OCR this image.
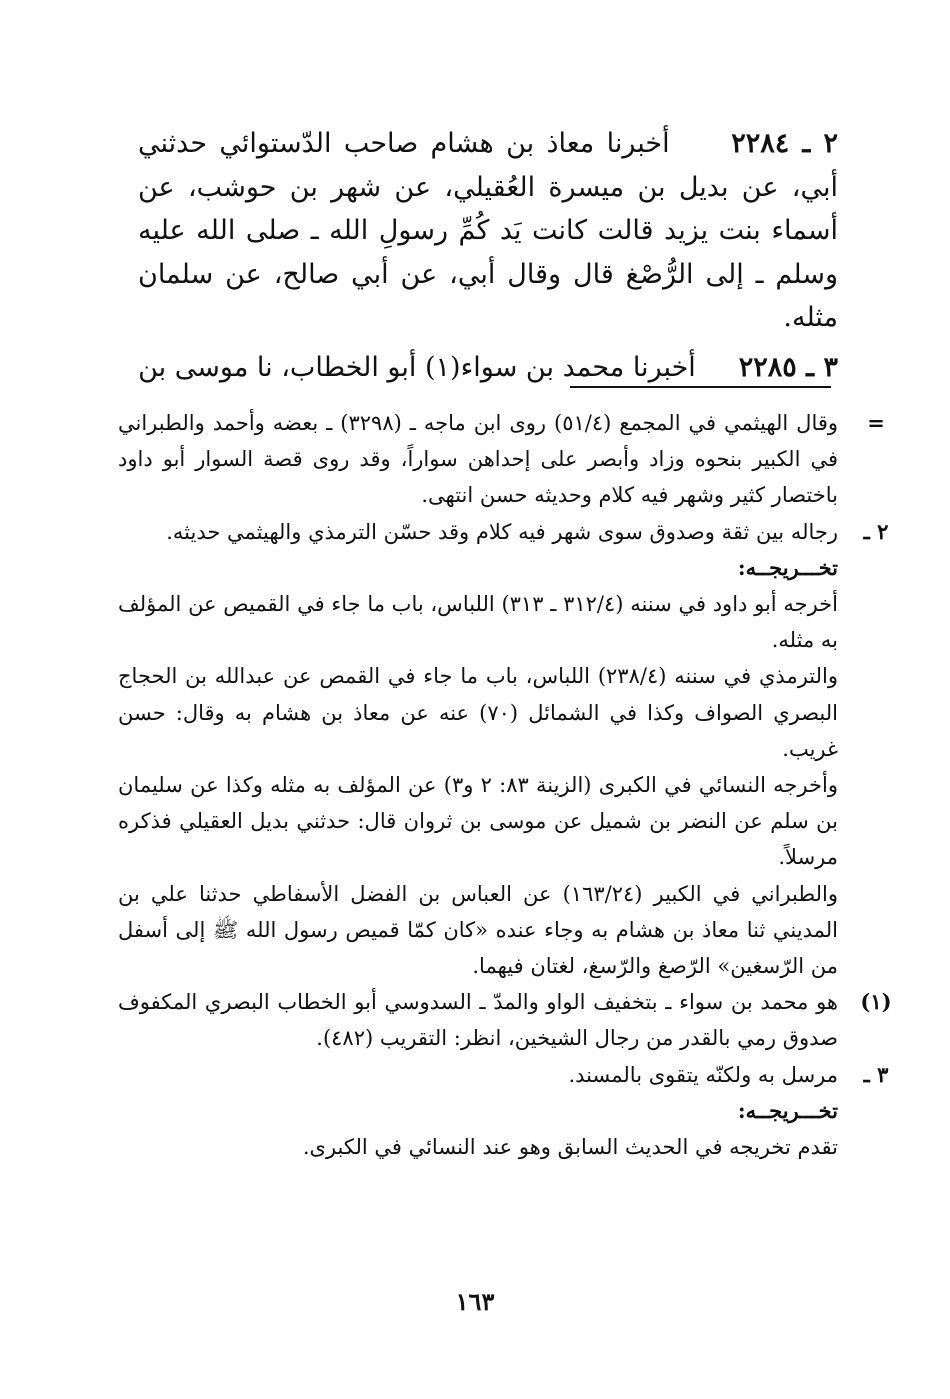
٢ ـ ٢٢٨٤     أخبرنا معاذ بن هشام صاحب الدّستوائي حدثني أبي، عن بديل بن ميسرة العُقيلي، عن شهر بن حوشب، عن أسماء بنت يزيد قالت كانت يَد كُمِّ رسولِ الله ـ صلى الله عليه وسلم ـ إلى الرُّصْغ قال وقال أبي، عن أبي صالح، عن سلمان مثله.

٣ ـ ٢٢٨٥     أخبرنا محمد بن سواء(١) أبو الخطاب، نا موسى بن

=

وقال الهيثمي في المجمع (٥١/٤) روى ابن ماجه ـ (٣٢٩٨) ـ بعضه وأحمد والطبراني في الكبير بنحوه وزاد وأبصر على إحداهن سواراً، وقد روى قصة السوار أبو داود باختصار كثير وشهر فيه كلام وحديثه حسن انتهى.

٢ ـ

رجاله بين ثقة وصدوق سوى شهر فيه كلام وقد حسّن الترمذي والهيثمي حديثه.

تخـــريجــه:

أخرجه أبو داود في سننه (٣١٢/٤ ـ ٣١٣) اللباس، باب ما جاء في القميص عن المؤلف به مثله.

والترمذي في سننه (٢٣٨/٤) اللباس، باب ما جاء في القمص عن عبدالله بن الحجاج البصري الصواف وكذا في الشمائل (٧٠) عنه عن معاذ بن هشام به وقال: حسن غريب.

وأخرجه النسائي في الكبرى (الزينة ٨٣: ٢ و٣) عن المؤلف به مثله وكذا عن سليمان بن سلم عن النضر بن شميل عن موسى بن ثروان قال: حدثني بديل العقيلي فذكره مرسلاً.

والطبراني في الكبير (١٦٣/٢٤) عن العباس بن الفضل الأسفاطي حدثنا علي بن المديني ثنا معاذ بن هشام به وجاء عنده «كان كمّا قميص رسول الله ﷺ إلى أسفل من الرّسغين» الرّصغ والرّسغ، لغتان فيهما.

(١)

هو محمد بن سواء ـ بتخفيف الواو والمدّ ـ السدوسي أبو الخطاب البصري المكفوف صدوق رمي بالقدر من رجال الشيخين، انظر: التقريب (٤٨٢).

٣ ـ

مرسل به ولكنّه يتقوى بالمسند.

تخـــريجــه:

تقدم تخريجه في الحديث السابق وهو عند النسائي في الكبرى.

١٦٣
